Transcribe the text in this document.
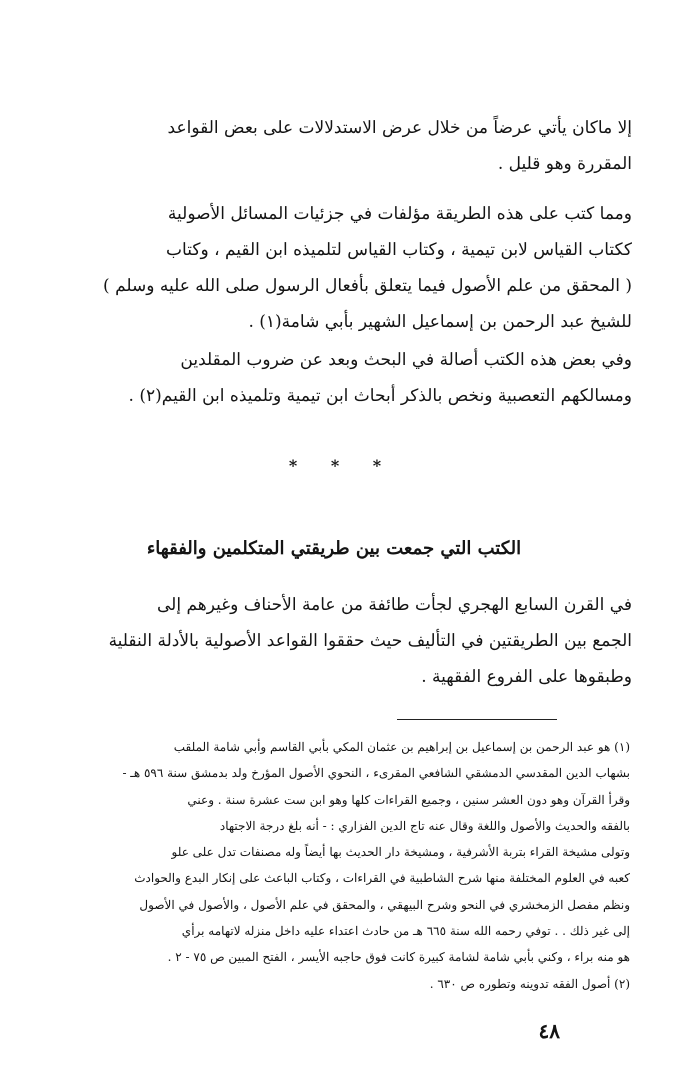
إلا ماكان يأتي عرضاً من خلال عرض الاستدلالات على بعض القواعد
المقررة وهو قليل .
ومما كتب على هذه الطريقة مؤلفات في جزئيات المسائل الأصولية
ككتاب القياس لابن تيمية ، وكتاب القياس لتلميذه ابن القيم ، وكتاب
( المحقق من علم الأصول فيما يتعلق بأفعال الرسول صلى الله عليه وسلم )
للشيخ عبد الرحمن بن إسماعيل الشهير بأبي شامة(١) .
وفي بعض هذه الكتب أصالة في البحث وبعد عن ضروب المقلدين
ومسالكهم التعصبية ونخص بالذكر أبحاث ابن تيمية وتلميذه ابن القيم(٢) .
* * *
الكتب التي جمعت بين طريقتي المتكلمين والفقهاء
في القرن السابع الهجري لجأت طائفة من عامة الأحناف وغيرهم إلى
الجمع بين الطريقتين في التأليف حيث حققوا القواعد الأصولية بالأدلة النقلية
وطبقوها على الفروع الفقهية .
(١) هو عبد الرحمن بن إسماعيل بن إبراهيم بن عثمان المكي بأبي القاسم وأبي شامة الملقب
بشهاب الدين المقدسي الدمشقي الشافعي المقرىء ، النحوي الأصول المؤرخ ولد بدمشق سنة ٥٩٦ هـ -
وقرأ القرآن وهو دون العشر سنين ، وجميع القراءات كلها وهو ابن ست عشرة سنة . وعني
بالفقه والحديث والأصول واللغة وقال عنه تاج الدين الفزاري : - أنه بلغ درجة الاجتهاد
وتولى مشيخة القراء بتربة الأشرفية ، ومشيخة دار الحديث بها أيضاً وله مصنفات تدل على علو
كعبه في العلوم المختلفة منها شرح الشاطبية في القراءات ، وكتاب الباعث على إنكار البدع والحوادث
ونظم مفصل الزمخشري في النحو وشرح البيهقي ، والمحقق في علم الأصول ، والأصول في الأصول
إلى غير ذلك . . توفي رحمه الله سنة ٦٦٥ هـ من حادث اعتداء عليه داخل منزله لاتهامه برأي
هو منه براء ، وكني بأبي شامة لشامة كبيرة كانت فوق حاجبه الأيسر ، الفتح المبين ص ٧٥ - ٢ .
(٢) أصول الفقه تدوينه وتطوره ص ٦٣٠ .
٤٨
